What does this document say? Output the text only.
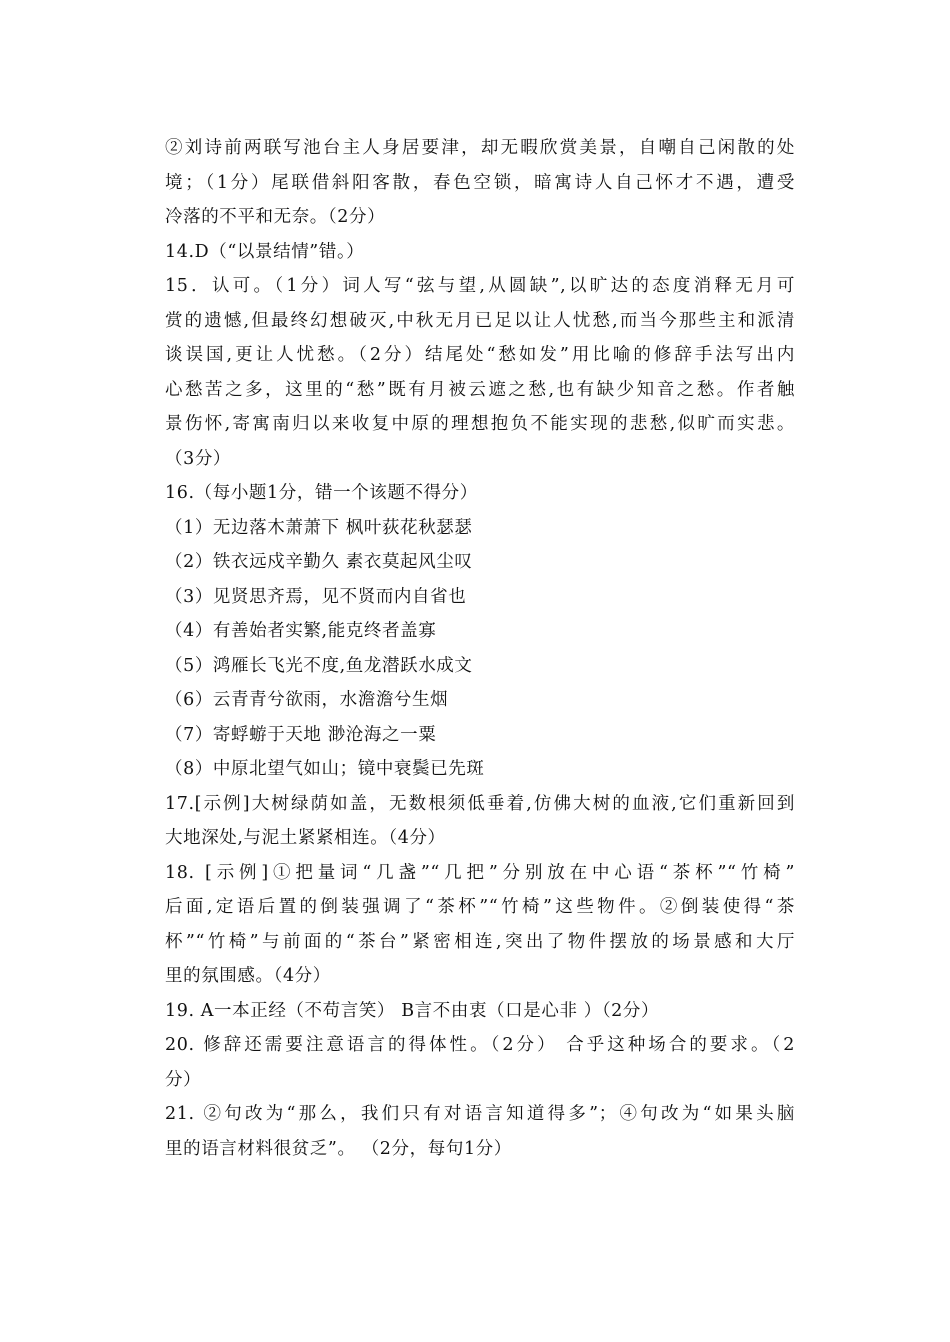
②刘诗前两联写池台主人身居要津，却无暇欣赏美景，自嘲自己闲散的处
境；（1分）尾联借斜阳客散，春色空锁，暗寓诗人自己怀才不遇，遭受
冷落的不平和无奈。（2分）
14.D（“以景结情”错。）
15．认可。（1分）词人写“弦与望,从圆缺”,以旷达的态度消释无月可
赏的遗憾,但最终幻想破灭,中秋无月已足以让人忧愁,而当今那些主和派清
谈误国,更让人忧愁。（2分）结尾处“愁如发”用比喻的修辞手法写出内
心愁苦之多，这里的“愁”既有月被云遮之愁,也有缺少知音之愁。作者触
景伤怀,寄寓南归以来收复中原的理想抱负不能实现的悲愁,似旷而实悲。
（3分）
16.（每小题1分，错一个该题不得分）
（1）无边落木萧萧下 枫叶荻花秋瑟瑟
（2）铁衣远戍辛勤久 素衣莫起风尘叹
（3）见贤思齐焉，见不贤而内自省也
（4）有善始者实繁,能克终者盖寡
（5）鸿雁长飞光不度,鱼龙潜跃水成文
（6）云青青兮欲雨，水澹澹兮生烟
（7）寄蜉蝣于天地 渺沧海之一粟
（8）中原北望气如山；镜中衰鬓已先斑
17.[示例]大树绿荫如盖，无数根须低垂着,仿佛大树的血液,它们重新回到
大地深处,与泥土紧紧相连。（4分）
18. [示例]①把量词“几盏”“几把”分别放在中心语“茶杯”“竹椅”
后面,定语后置的倒装强调了“茶杯”“竹椅”这些物件。②倒装使得“茶
杯”“竹椅”与前面的“茶台”紧密相连,突出了物件摆放的场景感和大厅
里的氛围感。（4分）
19. A一本正经（不苟言笑） B言不由衷（口是心非 ）（2分）
20. 修辞还需要注意语言的得体性。（2分） 合乎这种场合的要求。（2
分）
21. ②句改为“那么，我们只有对语言知道得多”；④句改为“如果头脑
里的语言材料很贫乏”。 （2分，每句1分）
